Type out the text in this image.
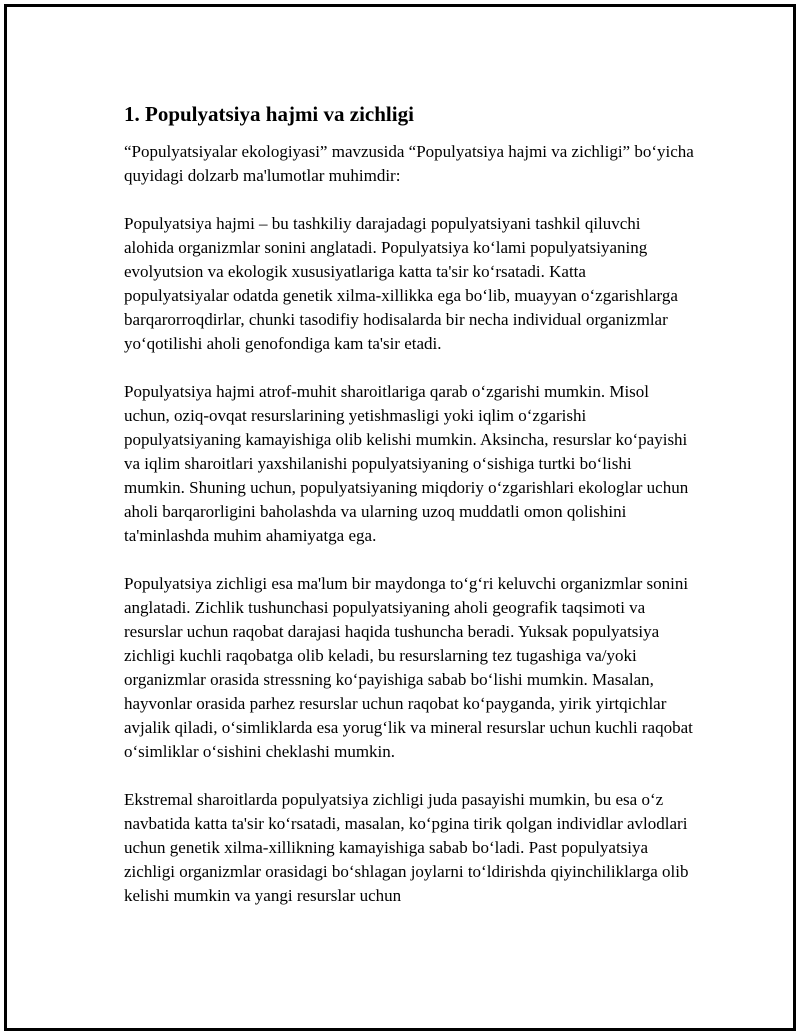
1. Populyatsiya hajmi va zichligi

“Populyatsiyalar ekologiyasi” mavzusida “Populyatsiya hajmi va zichligi” bo‘yicha quyidagi dolzarb ma'lumotlar muhimdir:

Populyatsiya hajmi – bu tashkiliy darajadagi populyatsiyani tashkil qiluvchi alohida organizmlar sonini anglatadi. Populyatsiya ko‘lami populyatsiyaning evolyutsion va ekologik xususiyatlariga katta ta'sir ko‘rsatadi. Katta populyatsiyalar odatda genetik xilma-xillikka ega bo‘lib, muayyan o‘zgarishlarga barqarorroqdirlar, chunki tasodifiy hodisalarda bir necha individual organizmlar yo‘qotilishi aholi genofondiga kam ta'sir etadi.

Populyatsiya hajmi atrof-muhit sharoitlariga qarab o‘zgarishi mumkin. Misol uchun, oziq-ovqat resurslarining yetishmasligi yoki iqlim o‘zgarishi populyatsiyaning kamayishiga olib kelishi mumkin. Aksincha, resurslar ko‘payishi va iqlim sharoitlari yaxshilanishi populyatsiyaning o‘sishiga turtki bo‘lishi mumkin. Shuning uchun, populyatsiyaning miqdoriy o‘zgarishlari ekologlar uchun aholi barqarorligini baholashda va ularning uzoq muddatli omon qolishini ta'minlashda muhim ahamiyatga ega.

Populyatsiya zichligi esa ma'lum bir maydonga to‘g‘ri keluvchi organizmlar sonini anglatadi. Zichlik tushunchasi populyatsiyaning aholi geografik taqsimoti va resurslar uchun raqobat darajasi haqida tushuncha beradi. Yuksak populyatsiya zichligi kuchli raqobatga olib keladi, bu resurslarning tez tugashiga va/yoki organizmlar orasida stressning ko‘payishiga sabab bo‘lishi mumkin. Masalan, hayvonlar orasida parhez resurslar uchun raqobat ko‘payganda, yirik yirtqichlar avjalik qiladi, o‘simliklarda esa yorug‘lik va mineral resurslar uchun kuchli raqobat o‘simliklar o‘sishini cheklashi mumkin.

Ekstremal sharoitlarda populyatsiya zichligi juda pasayishi mumkin, bu esa o‘z navbatida katta ta'sir ko‘rsatadi, masalan, ko‘pgina tirik qolgan individlar avlodlari uchun genetik xilma-xillikning kamayishiga sabab bo‘ladi. Past populyatsiya zichligi organizmlar orasidagi bo‘shlagan joylarni to‘ldirishda qiyinchiliklarga olib kelishi mumkin va yangi resurslar uchun
